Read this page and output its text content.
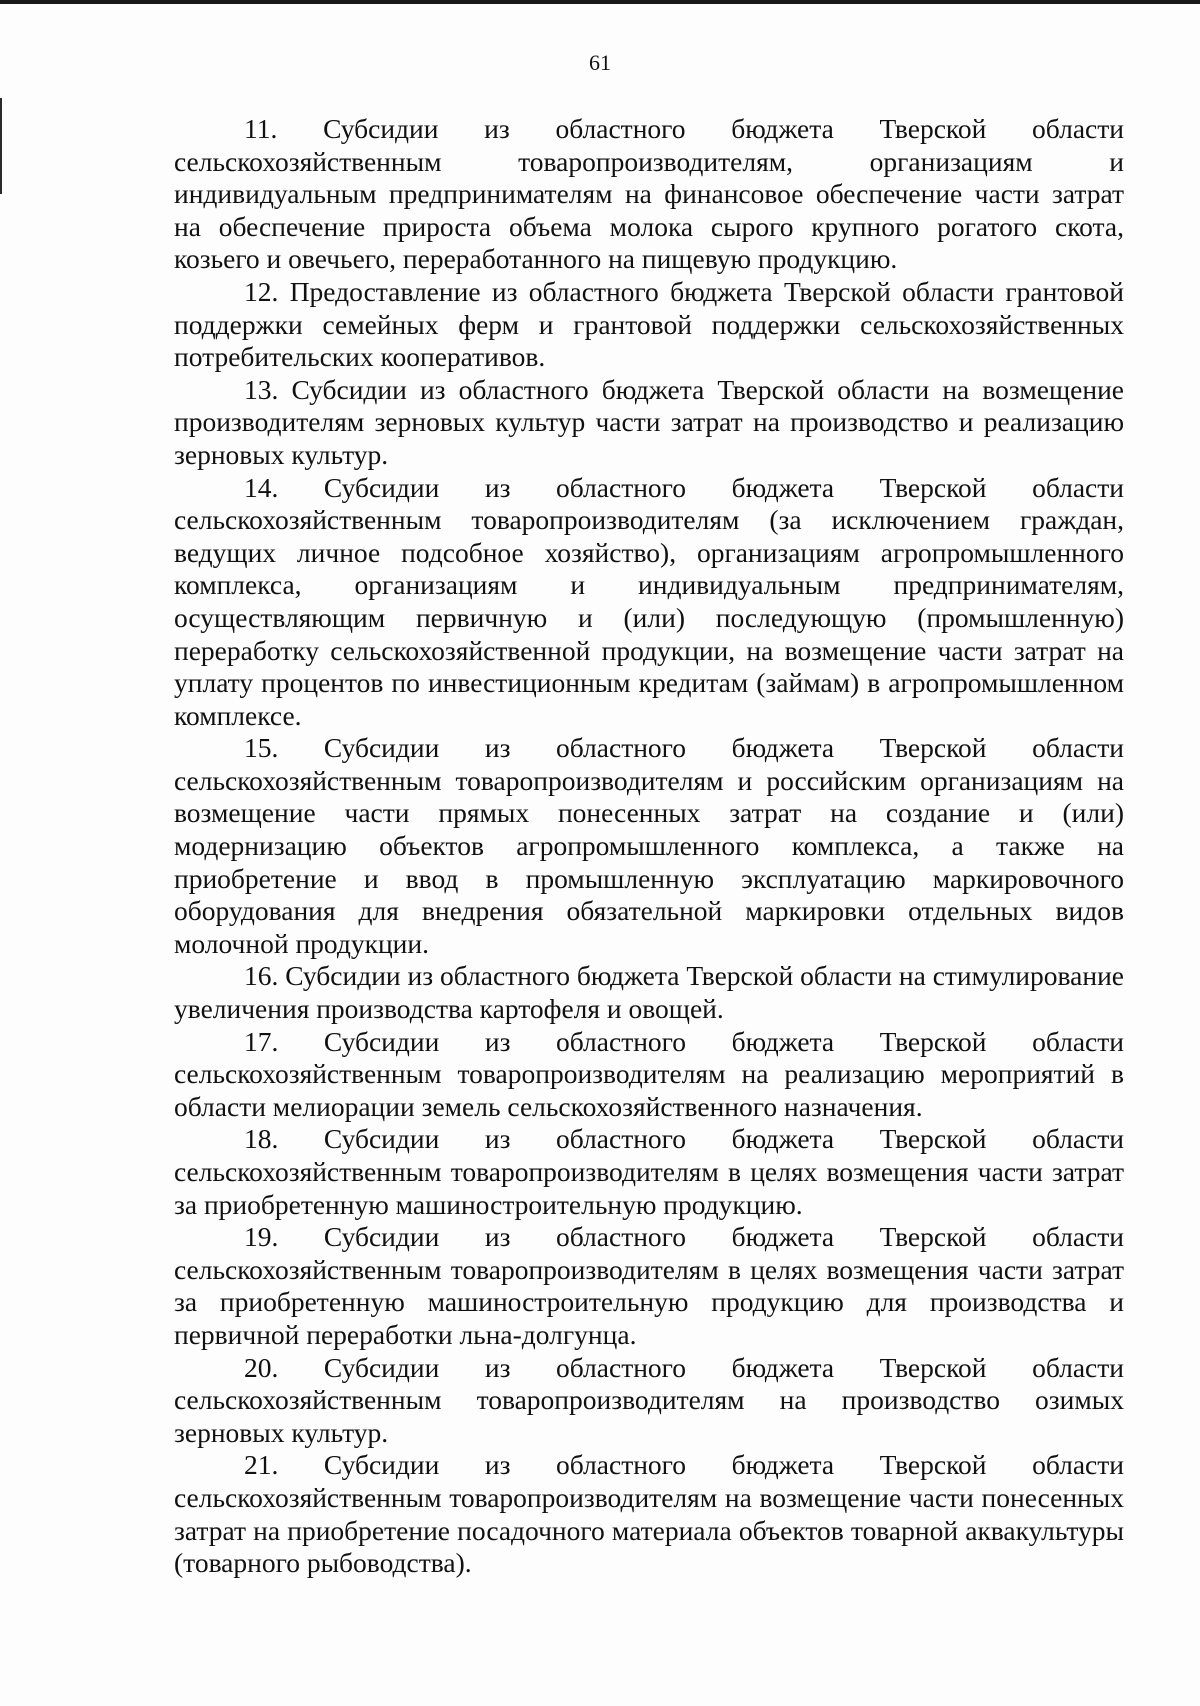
61

11. Субсидии из областного бюджета Тверской области сельскохозяйственным товаропроизводителям, организациям и индивидуальным предпринимателям на финансовое обеспечение части затрат на обеспечение прироста объема молока сырого крупного рогатого скота, козьего и овечьего, переработанного на пищевую продукцию.

12. Предоставление из областного бюджета Тверской области грантовой поддержки семейных ферм и грантовой поддержки сельскохозяйственных потребительских кооперативов.

13. Субсидии из областного бюджета Тверской области на возмещение производителям зерновых культур части затрат на производство и реализацию зерновых культур.

14. Субсидии из областного бюджета Тверской области сельскохозяйственным товаропроизводителям (за исключением граждан, ведущих личное подсобное хозяйство), организациям агропромышленного комплекса, организациям и индивидуальным предпринимателям, осуществляющим первичную и (или) последующую (промышленную) переработку сельскохозяйственной продукции, на возмещение части затрат на уплату процентов по инвестиционным кредитам (займам) в агропромышленном комплексе.

15. Субсидии из областного бюджета Тверской области сельскохозяйственным товаропроизводителям и российским организациям на возмещение части прямых понесенных затрат на создание и (или) модернизацию объектов агропромышленного комплекса, а также на приобретение и ввод в промышленную эксплуатацию маркировочного оборудования для внедрения обязательной маркировки отдельных видов молочной продукции.

16. Субсидии из областного бюджета Тверской области на стимулирование увеличения производства картофеля и овощей.

17. Субсидии из областного бюджета Тверской области сельскохозяйственным товаропроизводителям на реализацию мероприятий в области мелиорации земель сельскохозяйственного назначения.

18. Субсидии из областного бюджета Тверской области сельскохозяйственным товаропроизводителям в целях возмещения части затрат за приобретенную машиностроительную продукцию.

19. Субсидии из областного бюджета Тверской области сельскохозяйственным товаропроизводителям в целях возмещения части затрат за приобретенную машиностроительную продукцию для производства и первичной переработки льна-долгунца.

20. Субсидии из областного бюджета Тверской области сельскохозяйственным товаропроизводителям на производство озимых зерновых культур.

21. Субсидии из областного бюджета Тверской области сельскохозяйственным товаропроизводителям на возмещение части понесенных затрат на приобретение посадочного материала объектов товарной аквакультуры (товарного рыбоводства).
